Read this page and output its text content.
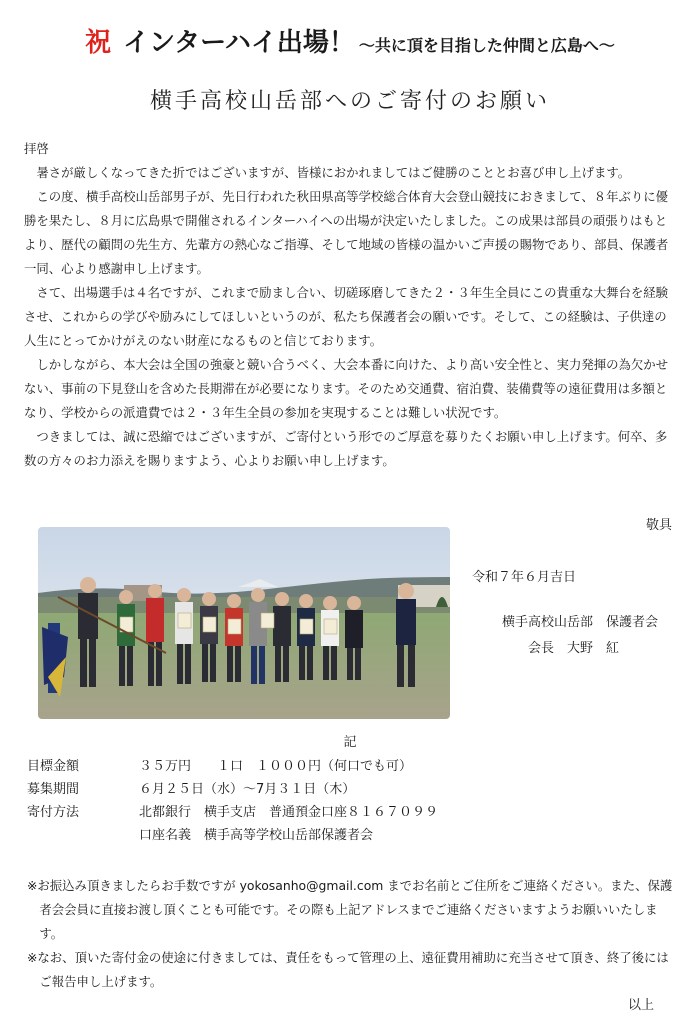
祝 インターハイ出場！ ～共に頂を目指した仲間と広島へ～
横手高校山岳部へのご寄付のお願い

拝啓

暑さが厳しくなってきた折ではございますが、皆様におかれましてはご健勝のこととお喜び申し上げます。

この度、横手高校山岳部男子が、先日行われた秋田県高等学校総合体育大会登山競技におきまして、８年ぶりに優勝を果たし、８月に広島県で開催されるインターハイへの出場が決定いたしました。この成果は部員の頑張りはもとより、歴代の顧問の先生方、先輩方の熱心なご指導、そして地域の皆様の温かいご声援の賜物であり、部員、保護者一同、心より感謝申し上げます。

さて、出場選手は４名ですが、これまで励まし合い、切磋琢磨してきた２・３年生全員にこの貴重な大舞台を経験させ、これからの学びや励みにしてほしいというのが、私たち保護者会の願いです。そして、この経験は、子供達の人生にとってかけがえのない財産になるものと信じております。

しかしながら、本大会は全国の強豪と競い合うべく、大会本番に向けた、より高い安全性と、実力発揮の為欠かせない、事前の下見登山を含めた長期滞在が必要になります。そのため交通費、宿泊費、装備費等の遠征費用は多額となり、学校からの派遣費では２・３年生全員の参加を実現することは難しい状況です。

つきましては、誠に恐縮ではございますが、ご寄付という形でのご厚意を募りたくお願い申し上げます。何卒、多数の方々のお力添えを賜りますよう、心よりお願い申し上げます。

敬具
令和７年６月吉日
横手高校山岳部　保護者会
会長　大野　紅
記
目標金額	３５万円　　１口　１０００円（何口でも可）
募集期間	６月２５日（水）～7月３１日（木）
寄付方法	北都銀行　横手支店　普通預金口座８１６７０９９
口座名義　横手高等学校山岳部保護者会

※お振込み頂きましたらお手数ですが yokosanho@gmail.com までお名前とご住所をご連絡ください。また、保護者会会員に直接お渡し頂くことも可能です。その際も上記アドレスまでご連絡くださいますようお願いいたします。

※なお、頂いた寄付金の使途に付きましては、責任をもって管理の上、遠征費用補助に充当させて頂き、終了後にはご報告申し上げます。

以上
